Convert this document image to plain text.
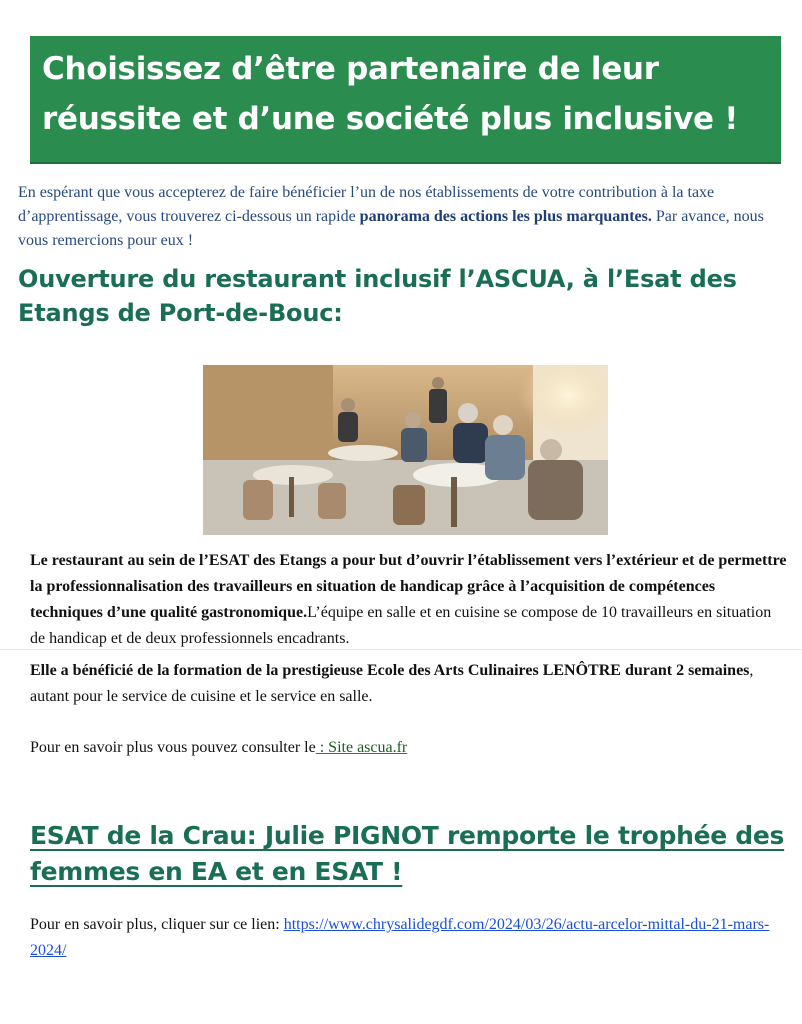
Choisissez d’être partenaire de leur réussite et d’une société plus inclusive !

En espérant que vous accepterez de faire bénéficier l’un de nos établissements de votre contribution à la taxe d’apprentissage, vous trouverez ci-dessous un rapide panorama des actions les plus marquantes. Par avance, nous vous remercions pour eux !

Ouverture du restaurant inclusif l’ASCUA, à l’Esat des Etangs de Port-de-Bouc:

Le restaurant au sein de l’ESAT des Etangs a pour but d’ouvrir l’établissement vers l’extérieur et de permettre la professionnalisation des travailleurs en situation de handicap grâce à l’acquisition de compétences techniques d’une qualité gastronomique.L’équipe en salle et en cuisine se compose de 10 travailleurs en situation de handicap et de deux professionnels encadrants.

Elle a bénéficié de la formation de la prestigieuse Ecole des Arts Culinaires LENÔTRE durant 2 semaines, autant pour le service de cuisine et le service en salle.

Pour en savoir plus vous pouvez consulter le : Site ascua.fr

ESAT de la Crau: Julie PIGNOT remporte le trophée des femmes en EA et en ESAT !

Pour en savoir plus, cliquer sur ce lien: https://www.chrysalidegdf.com/2024/03/26/actu-arcelor-mittal-du-21-mars-2024/
